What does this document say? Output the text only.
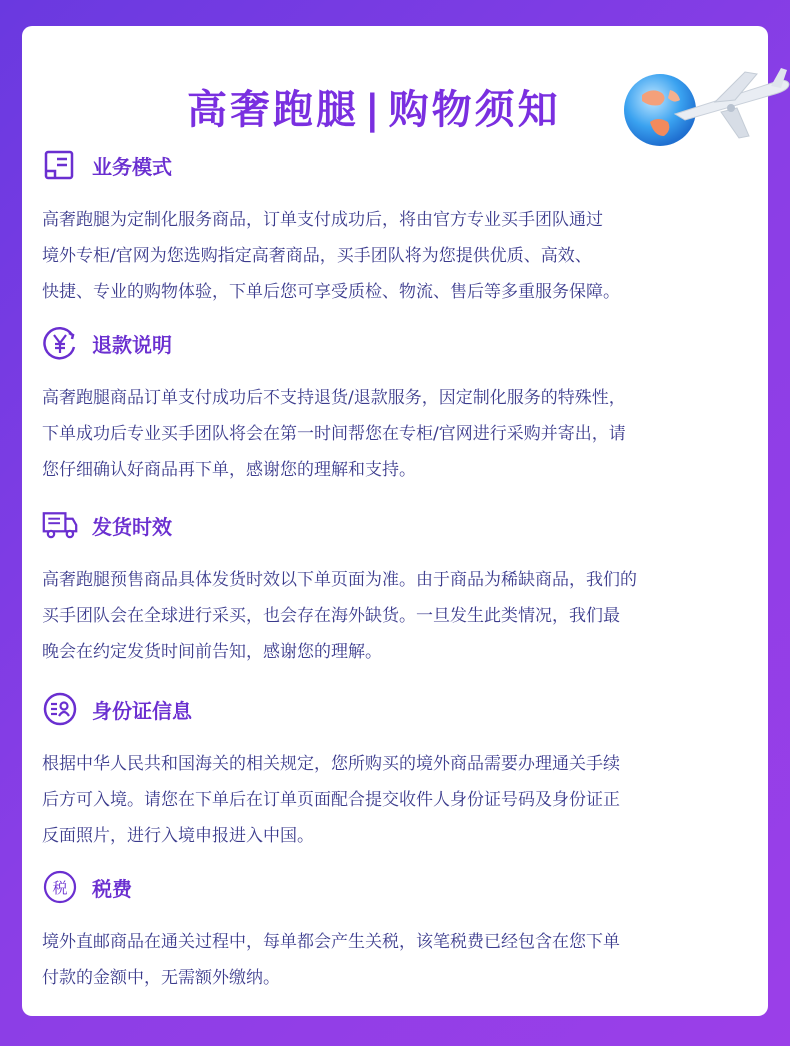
高奢跑腿 | 购物须知
业务模式
高奢跑腿为定制化服务商品，订单支付成功后，将由官方专业买手团队通过
境外专柜/官网为您选购指定高奢商品，买手团队将为您提供优质、高效、
快捷、专业的购物体验，下单后您可享受质检、物流、售后等多重服务保障。
退款说明
高奢跑腿商品订单支付成功后不支持退货/退款服务，因定制化服务的特殊性，
下单成功后专业买手团队将会在第一时间帮您在专柜/官网进行采购并寄出，请
您仔细确认好商品再下单，感谢您的理解和支持。
发货时效
高奢跑腿预售商品具体发货时效以下单页面为准。由于商品为稀缺商品，我们的
买手团队会在全球进行采买，也会存在海外缺货。一旦发生此类情况，我们最
晚会在约定发货时间前告知，感谢您的理解。
身份证信息
根据中华人民共和国海关的相关规定，您所购买的境外商品需要办理通关手续
后方可入境。请您在下单后在订单页面配合提交收件人身份证号码及身份证正
反面照片，进行入境申报进入中国。
税 税费
境外直邮商品在通关过程中，每单都会产生关税，该笔税费已经包含在您下单
付款的金额中，无需额外缴纳。
